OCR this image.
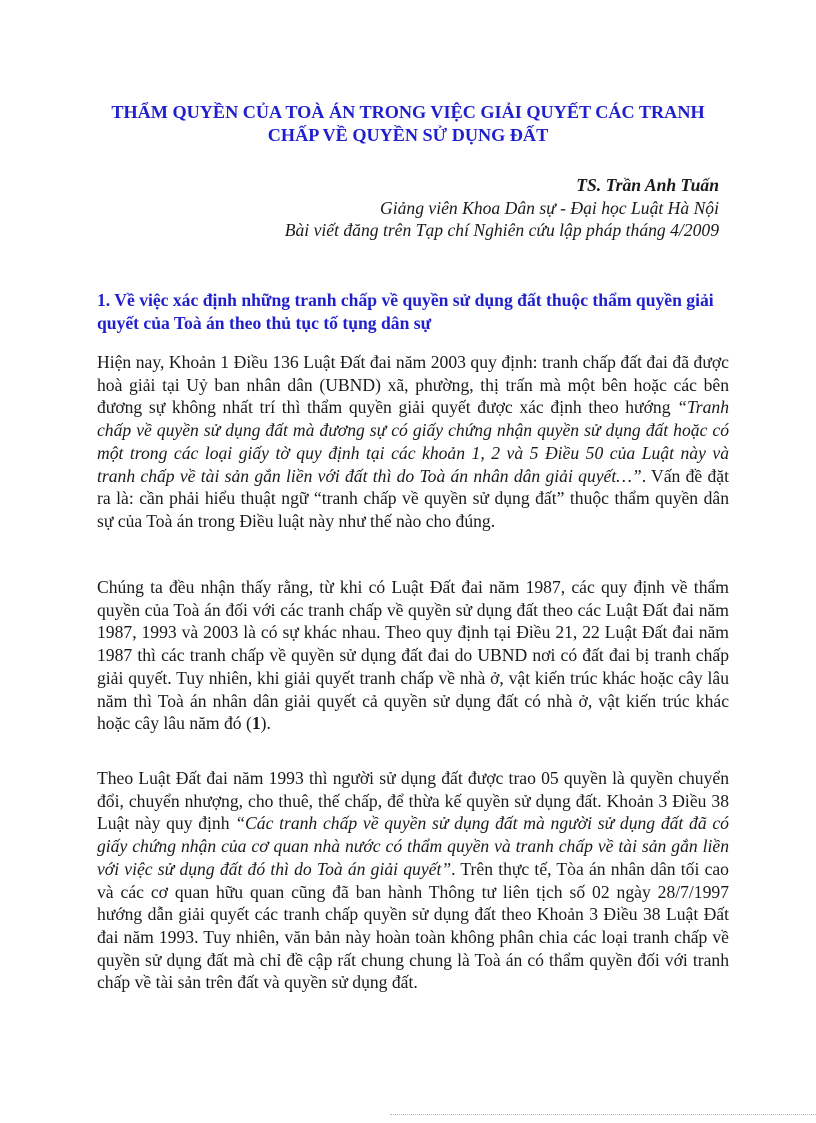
THẨM QUYỀN CỦA TOÀ ÁN TRONG VIỆC GIẢI QUYẾT CÁC TRANH
CHẤP VỀ QUYỀN SỬ DỤNG ĐẤT
TS. Trần Anh Tuấn
Giảng viên Khoa Dân sự - Đại học Luật Hà Nội
Bài viết đăng trên Tạp chí Nghiên cứu lập pháp tháng 4/2009
1. Về việc xác định những tranh chấp về quyền sử dụng đất thuộc thẩm quyền giải quyết của Toà án theo thủ tục tố tụng dân sự

Hiện nay, Khoản 1 Điều 136 Luật Đất đai năm 2003 quy định: tranh chấp đất đai đã được hoà giải tại Uỷ ban nhân dân (UBND) xã, phường, thị trấn mà một bên hoặc các bên đương sự không nhất trí thì thẩm quyền giải quyết được xác định theo hướng “Tranh chấp về quyền sử dụng đất mà đương sự có giấy chứng nhận quyền sử dụng đất hoặc có một trong các loại giấy tờ quy định tại các khoản 1, 2 và 5 Điều 50 của Luật này và tranh chấp về tài sản gắn liền với đất thì do Toà án nhân dân giải quyết…”. Vấn đề đặt ra là: cần phải hiểu thuật ngữ “tranh chấp về quyền sử dụng đất” thuộc thẩm quyền dân sự của Toà án trong Điều luật này như thế nào cho đúng.

Chúng ta đều nhận thấy rằng, từ khi có Luật Đất đai năm 1987, các quy định về thẩm quyền của Toà án đối với các tranh chấp về quyền sử dụng đất theo các Luật Đất đai năm 1987, 1993 và 2003 là có sự khác nhau. Theo quy định tại Điều 21, 22 Luật Đất đai năm 1987 thì các tranh chấp về quyền sử dụng đất đai do UBND nơi có đất đai bị tranh chấp giải quyết. Tuy nhiên, khi giải quyết tranh chấp về nhà ở, vật kiến trúc khác hoặc cây lâu năm thì Toà án nhân dân giải quyết cả quyền sử dụng đất có nhà ở, vật kiến trúc khác hoặc cây lâu năm đó (1).

Theo Luật Đất đai năm 1993 thì người sử dụng đất được trao 05 quyền là quyền chuyển đổi, chuyển nhượng, cho thuê, thế chấp, để thừa kế quyền sử dụng đất. Khoản 3 Điều 38 Luật này quy định “Các tranh chấp về quyền sử dụng đất mà người sử dụng đất đã có giấy chứng nhận của cơ quan nhà nước có thẩm quyền và tranh chấp về tài sản gắn liền với việc sử dụng đất đó thì do Toà án giải quyết”. Trên thực tế, Tòa án nhân dân tối cao và các cơ quan hữu quan cũng đã ban hành Thông tư liên tịch số 02 ngày 28/7/1997 hướng dẫn giải quyết các tranh chấp quyền sử dụng đất theo Khoản 3 Điều 38 Luật Đất đai năm 1993. Tuy nhiên, văn bản này hoàn toàn không phân chia các loại tranh chấp về quyền sử dụng đất mà chỉ đề cập rất chung chung là Toà án có thẩm quyền đối với tranh chấp về tài sản trên đất và quyền sử dụng đất.
